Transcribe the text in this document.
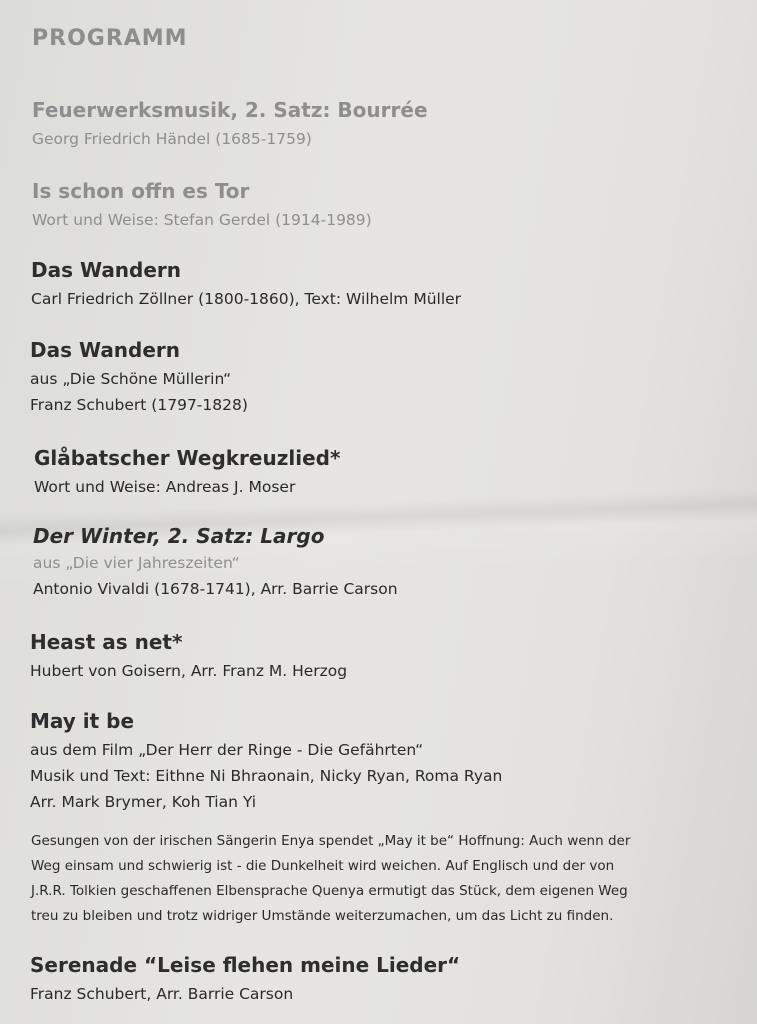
PROGRAMM
Feuerwerksmusik, 2. Satz: Bourrée
Georg Friedrich Händel (1685-1759)
Is schon offn es Tor
Wort und Weise: Stefan Gerdel (1914-1989)
Das Wandern
Carl Friedrich Zöllner (1800-1860), Text: Wilhelm Müller
Das Wandern
aus „Die Schöne Müllerin“
Franz Schubert (1797-1828)
Glåbatscher Wegkreuzlied*
Wort und Weise: Andreas J. Moser
Der Winter, 2. Satz: Largo
aus „Die vier Jahreszeiten“
Antonio Vivaldi (1678-1741), Arr. Barrie Carson
Heast as net*
Hubert von Goisern, Arr. Franz M. Herzog
May it be
aus dem Film „Der Herr der Ringe - Die Gefährten“
Musik und Text: Eithne Ni Bhraonain, Nicky Ryan, Roma Ryan
Arr. Mark Brymer, Koh Tian Yi
Gesungen von der irischen Sängerin Enya spendet „May it be“ Hoffnung: Auch wenn der
Weg einsam und schwierig ist - die Dunkelheit wird weichen. Auf Englisch und der von
J.R.R. Tolkien geschaffenen Elbensprache Quenya ermutigt das Stück, dem eigenen Weg
treu zu bleiben und trotz widriger Umstände weiterzumachen, um das Licht zu finden.
Serenade “Leise flehen meine Lieder“
Franz Schubert, Arr. Barrie Carson
